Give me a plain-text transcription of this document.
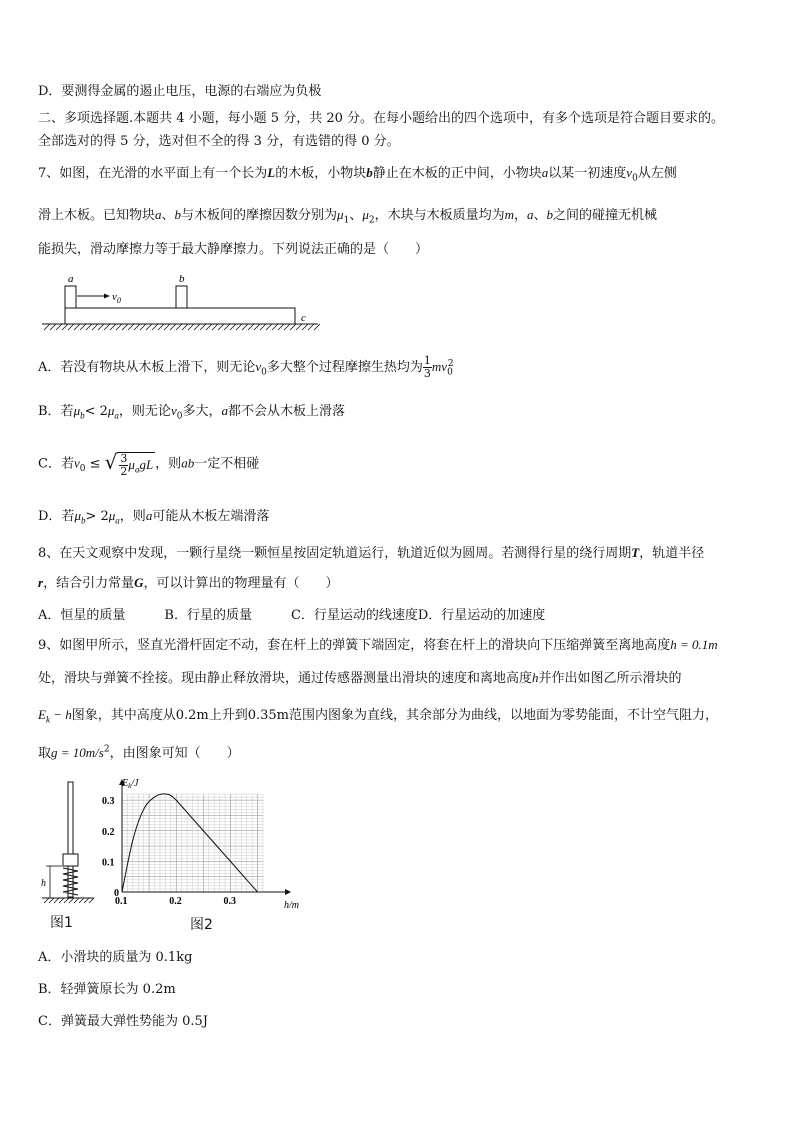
D．要测得金属的遏止电压，电源的右端应为负极
二、多项选择题.本题共 4 小题，每小题 5 分，共 20 分。在每小题给出的四个选项中，有多个选项是符合题目要求的。
全部选对的得 5 分，选对但不全的得 3 分，有选错的得 0 分。
7、如图，在光滑的水平面上有一个长为L的木板，小物块b静止在木板的正中间，小物块a以某一初速度$v_0$从左侧
滑上木板。已知物块a、b与木板间的摩擦因数分别为$\mu_1$、$\mu_2$，木块与木板质量均为m，a、b之间的碰撞无机械
能损失，滑动摩擦力等于最大静摩擦力。下列说法正确的是（　　）
a	b
c
$v_0$
A．若没有物块从木板上滑下，则无论$v_0$多大整个过程摩擦生热均为 $\frac{1}{3} mv_0^2$
B．若$\mu_b< 2\mu_a$，则无论$v_0$多大，a都不会从木板上滑落
C．若$v_0$ ≤ √ $\frac{3}{2} \mu_agL$ ，则ab一定不相碰
D．若$\mu_b> 2\mu_a$，则a可能从木板左端滑落
8、在天文观察中发现，一颗行星绕一颗恒星按固定轨道运行，轨道近似为圆周。若测得行星的绕行周期T，轨道半径
r，结合引力常量G，可以计算出的物理量有（　　）
A．恒星的质量　　　B．行星的质量　　　C．行星运动的线速度D．行星运动的加速度
9、如图甲所示，竖直光滑杆固定不动，套在杆上的弹簧下端固定，将套在杆上的滑块向下压缩弹簧至离地高度h = 0.1m
处，滑块与弹簧不拴接。现由静止释放滑块，通过传感器测量出滑块的速度和离地高度h并作出如图乙所示滑块的
$E_k - h$图象，其中高度从0.2m上升到0.35m范围内图象为直线，其余部分为曲线，以地面为零势能面，不计空气阻力，
取$g = 10m/s^2$，由图象可知（　　）
h
图1
0.1	0.2	0.3
0
0.1
0.2
0.3
$E_k/J$
h/m
图2
A．小滑块的质量为 0.1kg
B．轻弹簧原长为 0.2m
C．弹簧最大弹性势能为 0.5J
